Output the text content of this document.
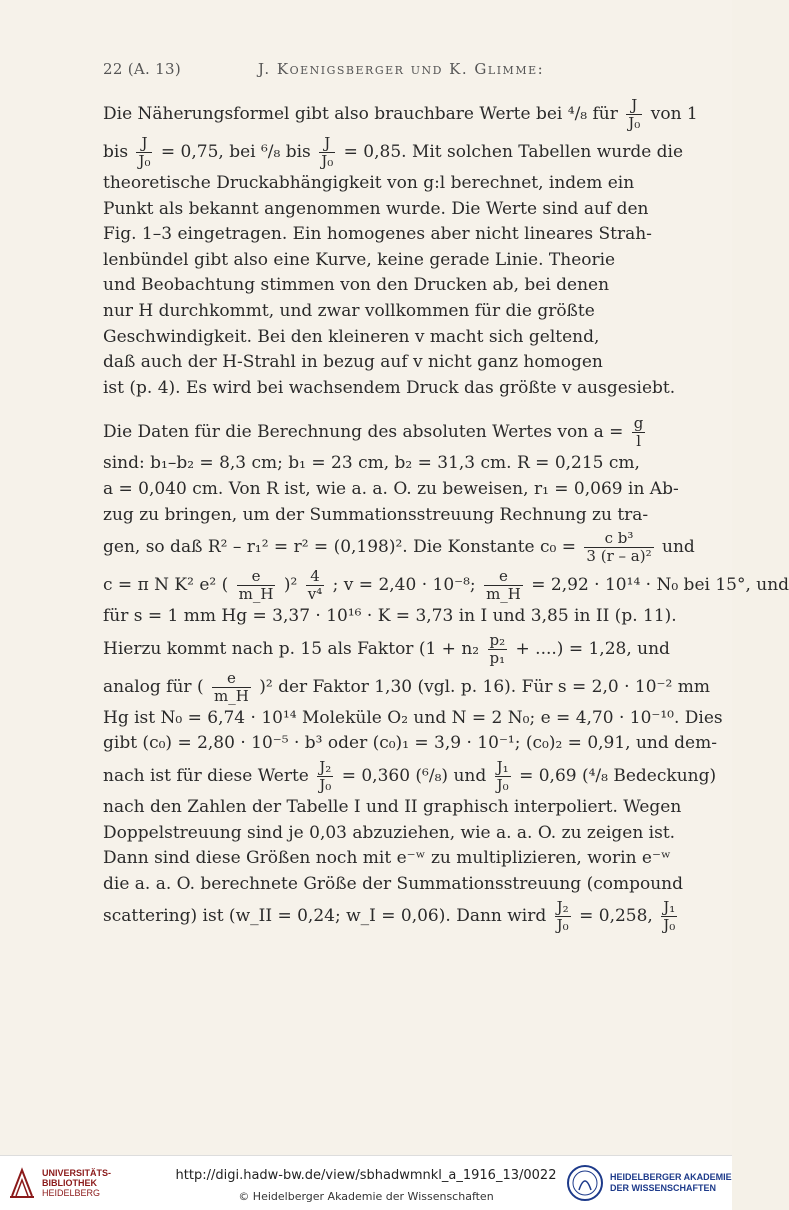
22 (A. 13)	J. Koenigsberger und K. Glimme:
Die Näherungsformel gibt also brauchbare Werte bei ⁴/₈ für $\frac{J}{\text{J₀}}$ von 1
bis $\frac{J}{\text{J₀}} = 0,75$, bei ⁶/₈ bis $\frac{J}{\text{J₀}} = 0,85$. Mit solchen Tabellen wurde die
theoretische Druckabhängigkeit von g:l berechnet, indem ein
Punkt als bekannt angenommen wurde. Die Werte sind auf den
Fig. 1–3 eingetragen. Ein homogenes aber nicht lineares Strah-
lenbündel gibt also eine Kurve, keine gerade Linie. Theorie
und Beobachtung stimmen von den Drucken ab, bei denen
nur H durchkommt, und zwar vollkommen für die größte
Geschwindigkeit. Bei den kleineren v macht sich geltend,
daß auch der H-Strahl in bezug auf v nicht ganz homogen
ist (p. 4). Es wird bei wachsendem Druck das größte v ausgesiebt.
Die Daten für die Berechnung des absoluten Wertes von $a = \frac{g}{l}$
sind: b₁–b₂ = 8,3 cm; b₁ = 23 cm, b₂ = 31,3 cm. R = 0,215 cm,
a = 0,040 cm. Von R ist, wie a. a. O. zu beweisen, r₁ = 0,069 in Ab-
zug zu bringen, um der Summationsstreuung Rechnung zu tra-
gen, so daß R² – r₁² = r² = (0,198)². Die Konstante $c_0 = \frac{\text{c b³}}{\text{3 (r – a)²}}$ und
c = π N K² e² ( $\frac{e}{m\_H} )^2 \frac{4}{\text{v⁴}}$ ; v = 2,40 · 10⁻⁸; $\frac{e}{m\_H} = 2,92 \cdot 10^{14} \cdot N_0$ bei 15°, und
für s = 1 mm Hg = 3,37 · 10¹⁶ · K = 3,73 in I und 3,85 in II (p. 11).
Hierzu kommt nach p. 15 als Faktor ($1 + n_2 \frac{\text{p₂}}{\text{p₁}}$ + ....) = 1,28, und
analog für ( $\frac{e}{m\_H} )^2$ der Faktor 1,30 (vgl. p. 16). Für s = 2,0 · 10⁻² mm
Hg ist N₀ = 6,74 · 10¹⁴ Moleküle O₂ und N = 2 N₀; e = 4,70 · 10⁻¹⁰. Dies
gibt (c₀) = 2,80 · 10⁻⁵ · b³ oder (c₀)₁ = 3,9 · 10⁻¹; (c₀)₂ = 0,91, und dem-
nach ist für diese Werte $\frac{\text{J₂}}{\text{J₀}} = 0,360$ (⁶/₈) und $\frac{\text{J₁}}{\text{J₀}} = 0,69$ (⁴/₈ Bedeckung)
nach den Zahlen der Tabelle I und II graphisch interpoliert. Wegen
Doppelstreuung sind je 0,03 abzuziehen, wie a. a. O. zu zeigen ist.
Dann sind diese Größen noch mit e⁻ʷ zu multiplizieren, worin e⁻ʷ
die a. a. O. berechnete Größe der Summationsstreuung (compound
scattering) ist (w_II = 0,24; w_I = 0,06). Dann wird $\frac{\text{J₂}}{\text{J₀}} = 0,258$, $\frac{\text{J₁}}{\text{J₀}}$
UNIVERSITÄTS-
BIBLIOTHEK
HEIDELBERG
http://digi.hadw-bw.de/view/sbhadwmnkl_a_1916_13/0022
© Heidelberger Akademie der Wissenschaften
HEIDELBERGER AKADEMIE
DER WISSENSCHAFTEN
